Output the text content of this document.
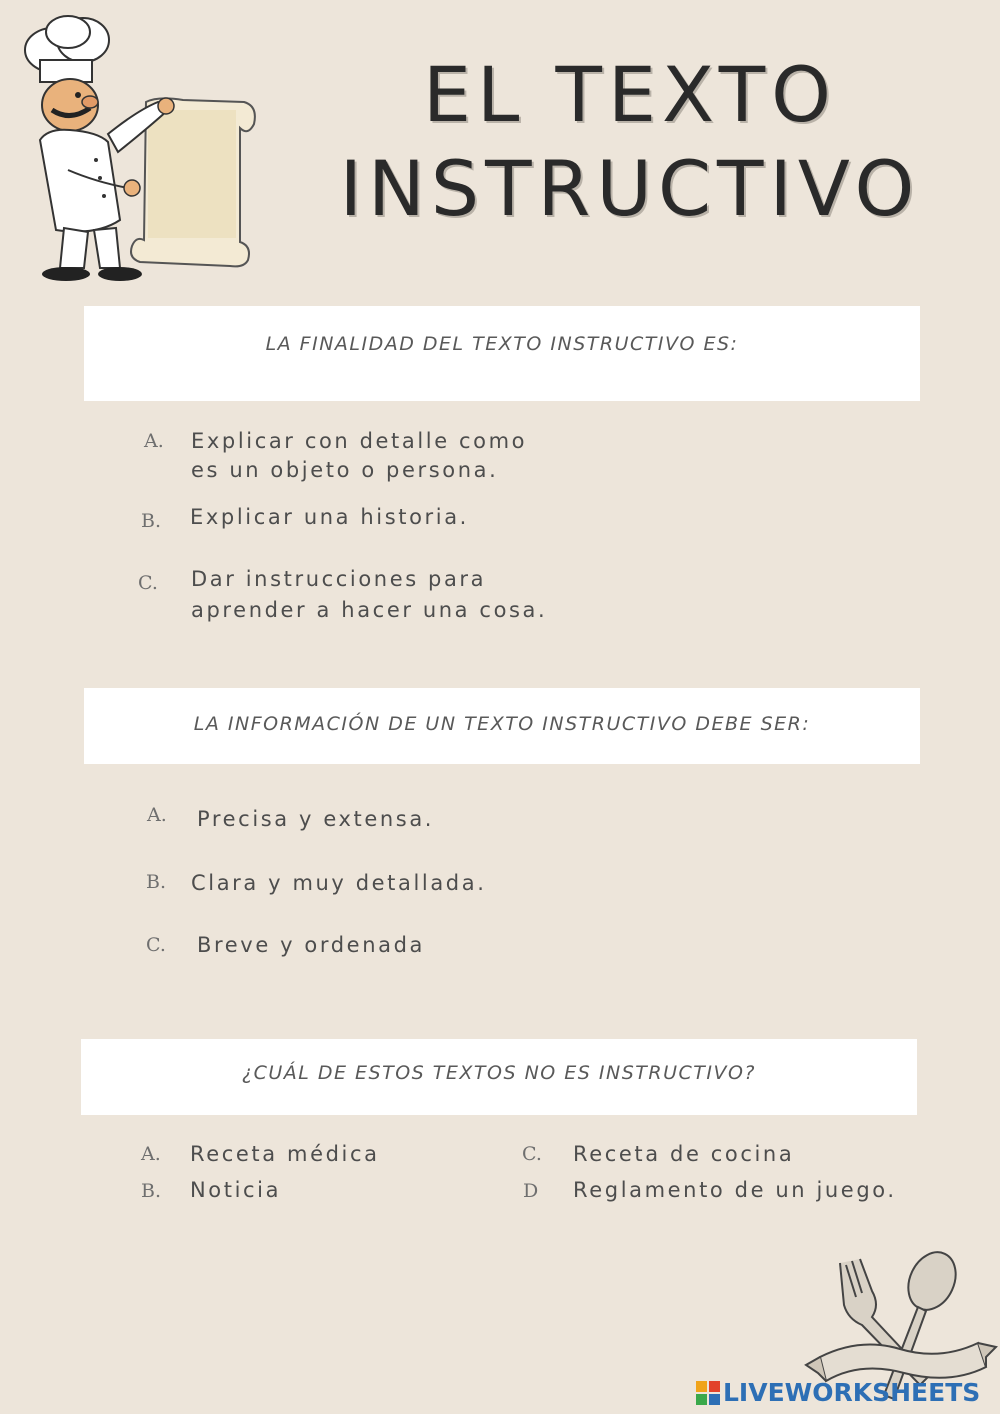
EL TEXTO
INSTRUCTIVO
LA FINALIDAD DEL TEXTO INSTRUCTIVO ES:
A. Explicar con detalle como
es un objeto o persona.
B. Explicar una historia.
C. Dar instrucciones para
aprender a hacer una cosa.
LA INFORMACIÓN DE UN TEXTO INSTRUCTIVO DEBE SER:
A. Precisa y extensa.
B. Clara y muy detallada.
C. Breve y ordenada
¿CUÁL DE ESTOS TEXTOS NO ES INSTRUCTIVO?
A. Receta médica
B. Noticia
C. Receta de cocina
D Reglamento de un juego.
LIVEWORKSHEETS
